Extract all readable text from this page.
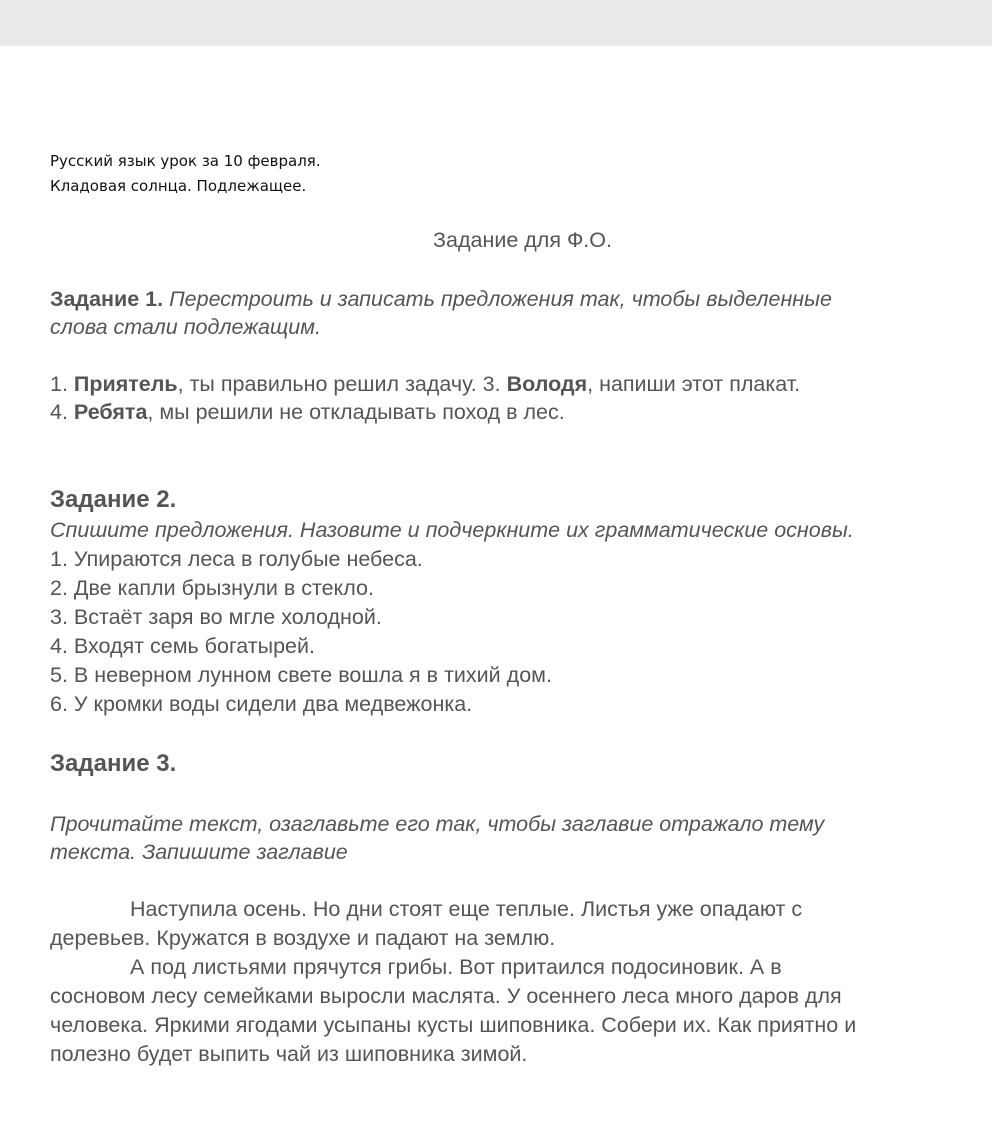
Русский язык урок за 10 февраля.
Кладовая солнца. Подлежащее.
Задание для Ф.О.
Задание 1. Перестроить и записать предложения так, чтобы выделенные
слова стали подлежащим.
1. Приятель, ты правильно решил задачу. 3. Володя, напиши этот плакат.
4. Ребята, мы решили не откладывать поход в лес.
Задание 2.
Спишите предложения. Назовите и подчеркните их грамматические основы.
1. Упираются леса в голубые небеса.
2. Две капли брызнули в стекло.
3. Встаёт заря во мгле холодной.
4. Входят семь богатырей.
5. В неверном лунном свете вошла я в тихий дом.
6. У кромки воды сидели два медвежонка.
Задание 3.
Прочитайте текст, озаглавьте его так, чтобы заглавие отражало тему
текста. Запишите заглавие
Наступила осень. Но дни стоят еще теплые. Листья уже опадают с
деревьев. Кружатся в воздухе и падают на землю.
А под листьями прячутся грибы. Вот притаился подосиновик. А в
сосновом лесу семейками выросли маслята. У осеннего леса много даров для
человека. Яркими ягодами усыпаны кусты шиповника. Собери их. Как приятно и
полезно будет выпить чай из шиповника зимой.
